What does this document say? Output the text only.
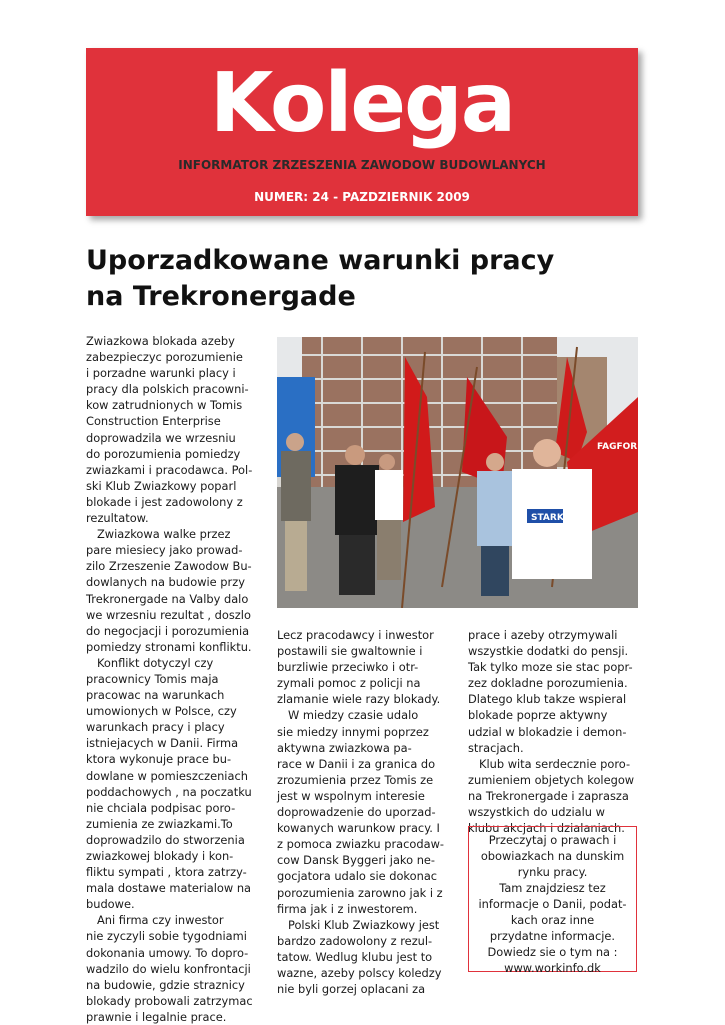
Kolega
INFORMATOR ZRZESZENIA ZAWODOW BUDOWLANYCH
NUMER: 24 - PAZDZIERNIK 2009
Uporzadkowane warunki pracy
na Trekronergade

Zwiazkowa blokada azeby
zabezpieczyc porozumienie
i porzadne warunki placy i
pracy dla polskich pracowni-
kow zatrudnionych w Tomis
Construction Enterprise
doprowadzila we wrzesniu
do porozumienia pomiedzy
zwiazkami i pracodawca. Pol-
ski Klub Zwiazkowy poparl
blokade i jest zadowolony z
rezultatow.

Zwiazkowa walke przez
pare miesiecy jako prowad-
zilo Zrzeszenie Zawodow Bu-
dowlanych na budowie przy
Trekronergade na Valby dalo
we wrzesniu rezultat , doszlo
do negocjacji i porozumienia
pomiedzy stronami konfliktu.

Konflikt dotyczyl czy
pracownicy Tomis maja
pracowac na warunkach
umowionych w Polsce, czy
warunkach pracy i placy
istniejacych w Danii. Firma
ktora wykonuje prace bu-
dowlane w pomieszczeniach
poddachowych , na poczatku
nie chciala podpisac poro-
zumienia ze zwiazkami.To
doprowadzilo do stworzenia
zwiazkowej blokady i kon-
fliktu sympati , ktora zatrzy-
mala dostawe materialow na
budowe.

Ani firma czy inwestor
nie zyczyli sobie tygodniami
dokonania umowy. To dopro-
wadzilo do wielu konfrontacji
na budowie, gdzie straznicy
blokady probowali zatrzymac
prawnie i legalnie prace.

FAGFOR
STARK

Lecz pracodawcy i inwestor
postawili sie gwaltownie i
burzliwie przeciwko i otr-
zymali pomoc z policji na
zlamanie wiele razy blokady.

W miedzy czasie udalo
sie miedzy innymi poprzez
aktywna zwiazkowa pa-
race w Danii i za granica do
zrozumienia przez Tomis ze
jest w wspolnym interesie
doprowadzenie do uporzad-
kowanych warunkow pracy. I
z pomoca zwiazku pracodaw-
cow Dansk Byggeri jako ne-
gocjatora udalo sie dokonac
porozumienia zarowno jak i z
firma jak i z inwestorem.

Polski Klub Zwiazkowy jest
bardzo zadowolony z rezul-
tatow. Wedlug klubu jest to
wazne, azeby polscy koledzy
nie byli gorzej oplacani za

prace i azeby otrzymywali
wszystkie dodatki do pensji.
Tak tylko moze sie stac popr-
zez dokladne porozumienia.
Dlatego klub takze wspieral
blokade poprze aktywny
udzial w blokadzie i demon-
stracjach.

Klub wita serdecznie poro-
zumieniem objetych kolegow
na Trekronergade i zaprasza
wszystkich do udzialu w
klubu akcjach i dzialaniach.

Przeczytaj o prawach i
obowiazkach na dunskim
rynku pracy.
Tam znajdziesz tez
informacje o Danii, podat-
kach oraz inne
przydatne informacje.
Dowiedz sie o tym na :
www.workinfo.dk
